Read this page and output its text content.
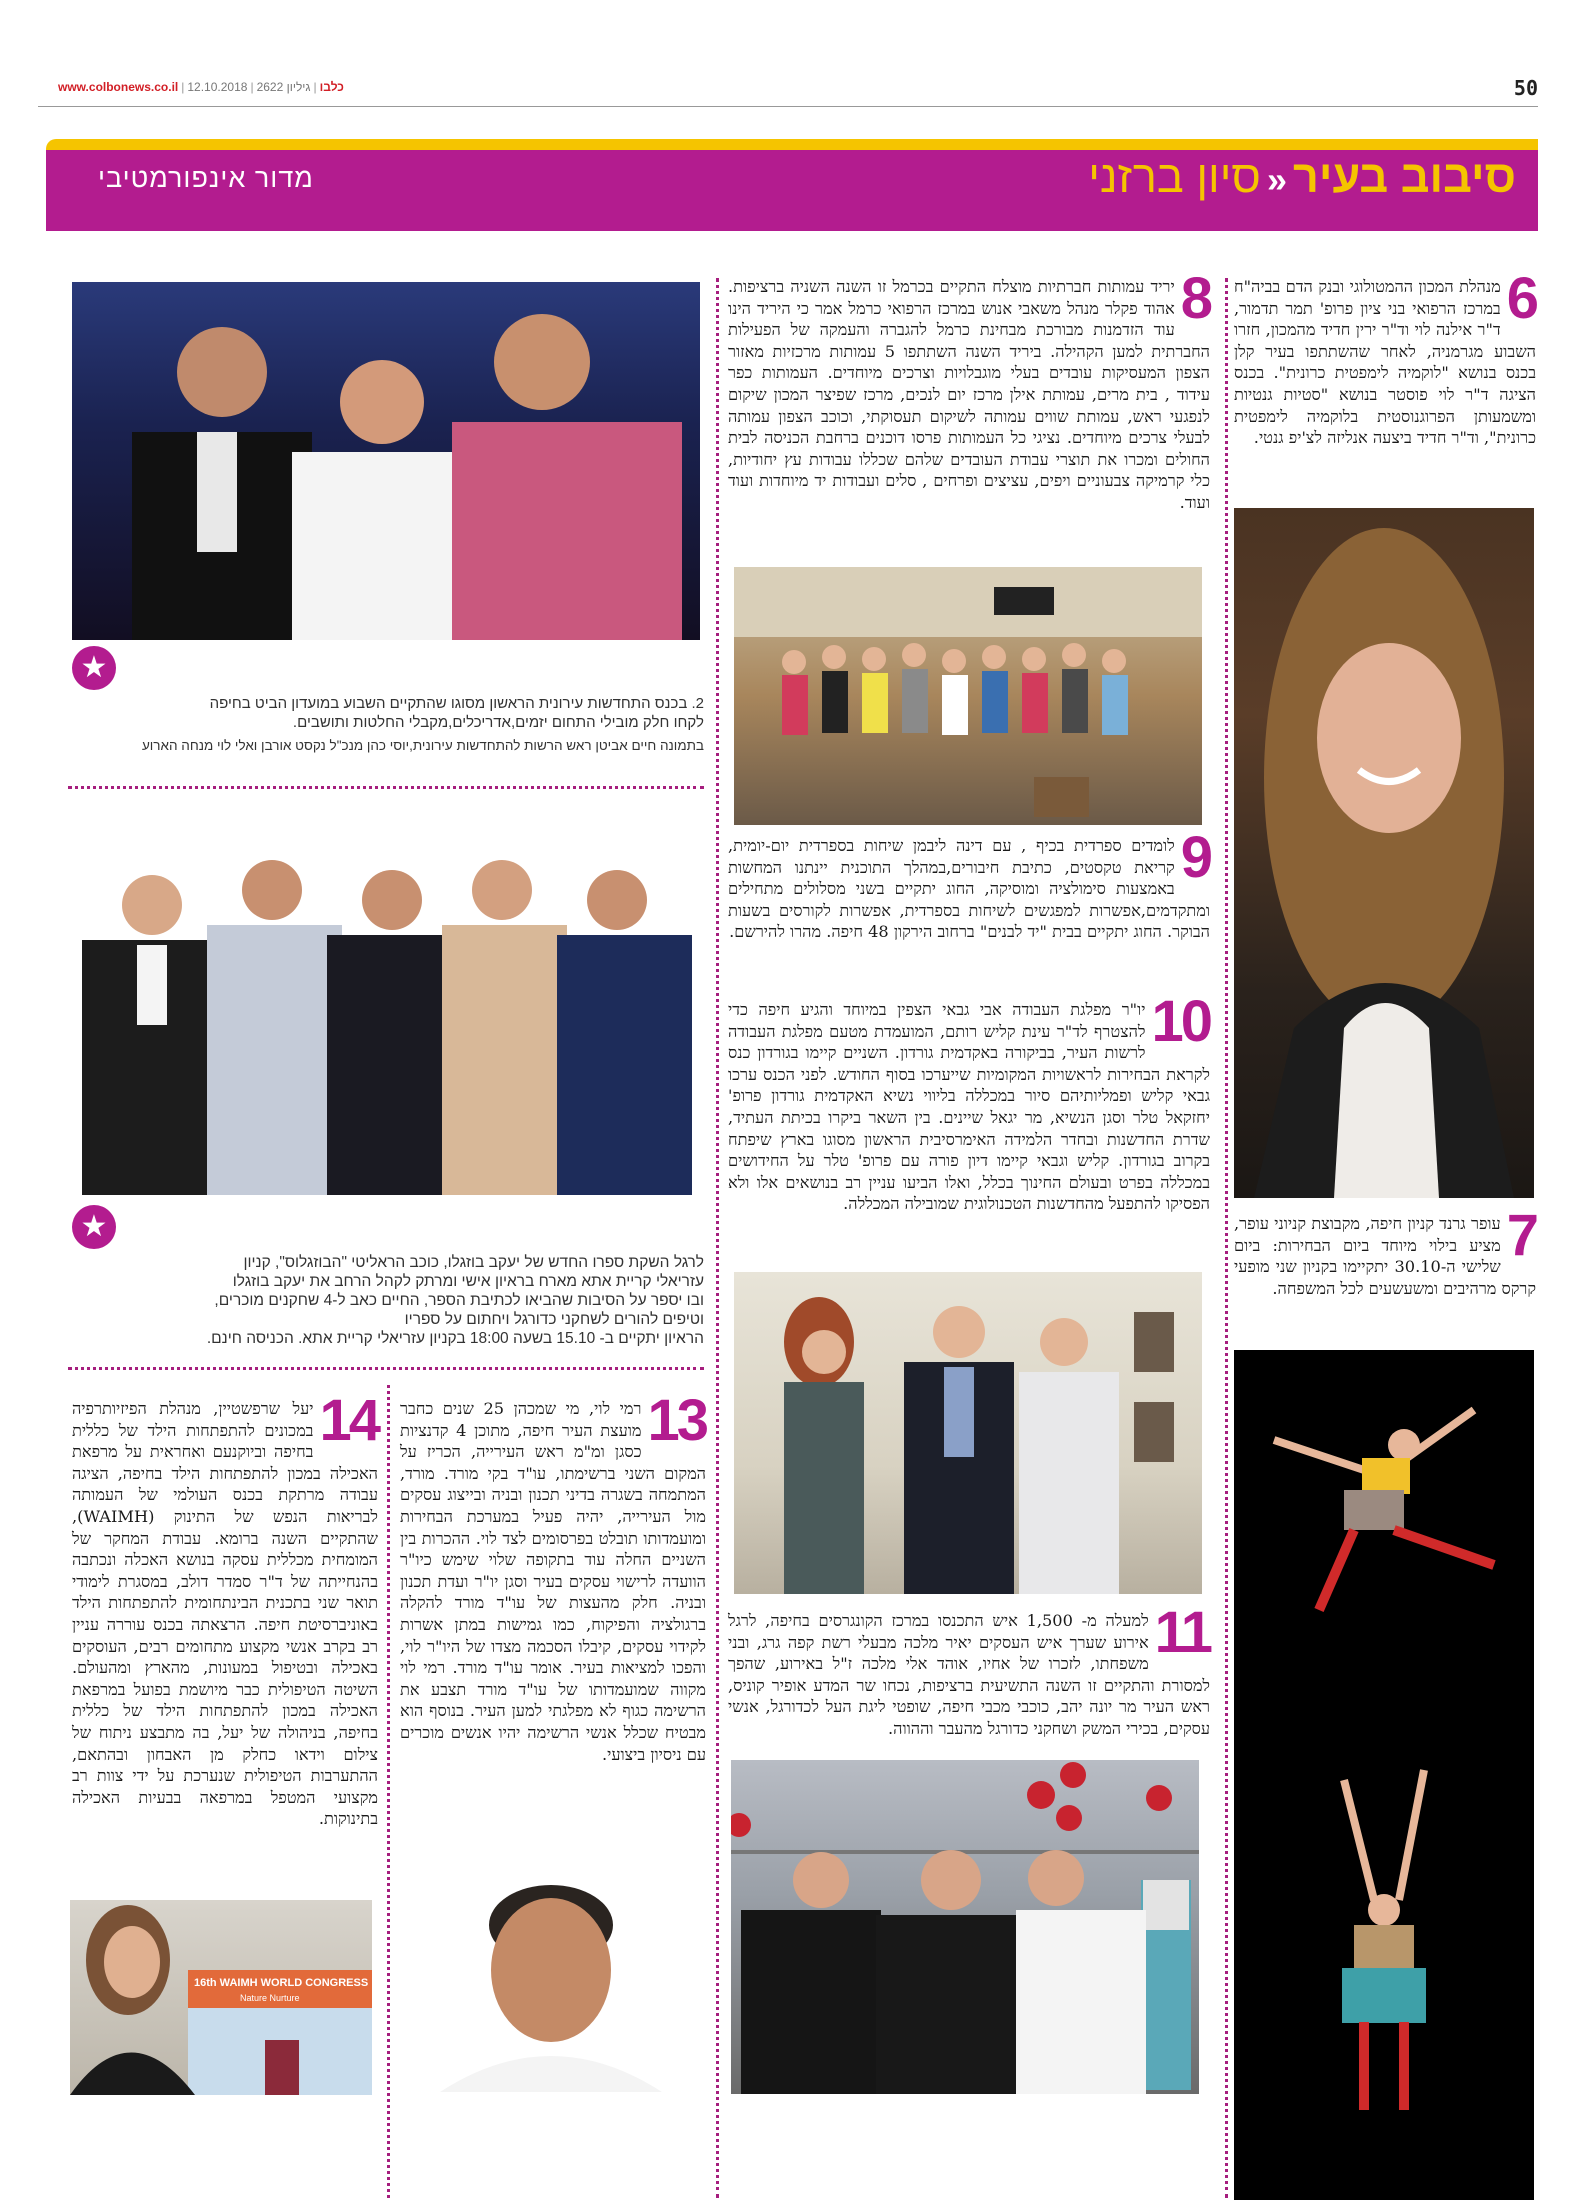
www.colbonews.co.il |	כלבו|גיליון 2622|12.10.2018	50
מדור אינפורמטיבי	סיבוב בעיר«סיון ברזני
6
מנהלת המכון ההמטולוגי ובנק הדם בביה"ח במרכז הרפואי בני ציון פרופ' תמר תדמור, ד"ר אילנה לוי וד"ר ירין חדיד מהמכון, חזרו השבוע מגרמניה, לאחר שהשתתפו בעיר קלן בכנס בנושא "לוקמיה לימפטית כרונית". בכנס הציגה ד"ר לוי פוסטר בנושא "סטיות גנטיות ומשמעותן הפרוגנוסטית בלוקמיה לימפטית כרונית", וד"ר חדיד ביצעה אנליזה לצ'יפ גנטי.
7
עופר גרנד קניון חיפה, מקבוצת קניוני עופר, מציע בילוי מיוחד ביום הבחירות: ביום שלישי ה-30.10 יתקיימו בקניון שני מופעי קרקס מרהיבים ומשעשעים לכל המשפחה.
8
יריד עמותות חברתיות מוצלח התקיים בכרמל זו השנה השניה ברציפות. אהוד פקלר מנהל משאבי אנוש במרכז הרפואי כרמל אמר כי היריד הינו עוד הזדמנות מבורכת מבחינת כרמל להגברה והעמקה של הפעילות החברתית למען הקהילה. ביריד השנה השתתפו 5 עמותות מרכזיות מאזור הצפון המעסיקות עובדים בעלי מוגבלויות וצרכים מיוחדים. העמותות כפר עידוד , בית מרים, עמותת אילן מרכז יום לנכים, מרכז שפיצר המכון שיקום לנפגעי ראש, עמותת שווים עמותה לשיקום תעסוקתי, וכוכב הצפון עמותה לבעלי צרכים מיוחדים. נציגי כל העמותות פרסו דוכנים ברחבת הכניסה לבית החולים ומכרו את תוצרי עבודת העובדים שלהם שכללו עבודות עץ יחודיות, כלי קרמיקה צבעוניים ויפים, עציצים ופרחים , סלים ועבודות יד מיוחדות ועוד ועוד.
9
לומדים ספרדית בכיף , עם דינה ליבמן שיחות בספרדית יום-יומית, קריאת טקסטים, כתיבת חיבורים,במהלך התוכנית יינתנו המחשות באמצעות סימולציה ומוסיקה, החוג יתקיים בשני מסלולים מתחילים ומתקדמים,אפשרות למפגשים לשיחות בספרדית, אפשרות לקורסים בשעות הבוקר. החוג יתקיים בבית "יד לבנים" ברחוב הירקון 48 חיפה. מהרו להירשם.
10
יו"ר מפלגת העבודה אבי גבאי הצפין במיוחד והגיע חיפה כדי להצטרף לד"ר עינת קליש רותם, המועמדת מטעם מפלגת העבודה לרשות העיר, בביקורה באקדמית גורדון. השניים קיימו בגורדון כנס לקראת הבחירות לראשויות המקומיות שייערכו בסוף החודש. לפני הכנס ערכו גבאי קליש ופמליותיהם סיור במכללה בליווי נשיא האקדמית גורדון פרופ' יחזקאל טלר וסגן הנשיא, מר יגאל שיינים. בין השאר ביקרו בכיתת העתיד, שדרת החדשנות ובחדר הלמידה האימרסיבית הראשון מסוגו בארץ שיפתח בקרוב בגורדון. קליש וגבאי קיימו דיון פורה עם פרופ' טלר על החידושים במכללה בפרט ובעולם החינוך בכלל, ואלו הביעו עניין רב בנושאים אלו ולא הפסיקו להתפעל מהחדשנות הטכנולוגית שמובילה המכללה.
11
למעלה מ- 1,500 איש התכנסו במרכז הקונגרסים בחיפה, לרגל אירוע שערך איש העסקים יאיר מלכה מבעלי רשת קפה גרג, ובני משפחתו, לזכרו של אחיו, אוהד אלי מלכה ז"ל באירוע, שהפך למסורת והתקיים זו השנה התשיעית ברציפות, נכחו שר המדע אופיר קוניס, ראש העיר מר יונה יהב, כוכבי מכבי חיפה, שופטי ליגת העל לכדורגל, אנשי עסקים, בכירי המשק ושחקני כדורגל מהעבר וההווה.
★
2. בכנס התחדשות עירונית הראשון מסוגו שהתקיים השבוע במועדון הביט בחיפה
לקחו חלק מובילי התחום יזמים,אדריכלים,מקבלי החלטות ותושבים.
בתמונה חיים אביטן ראש הרשות להתחדשות עירונית,יוסי כהן מנכ"ל נקסט אורבן ואלי לוי מנחה הארוע
★
לרגל השקת ספרו החדש של יעקב בוזגלו, כוכב הראליטי "הבוזגלוס", קניון
עזריאלי קריית אתא מארח בראיון אישי ומרתק לקהל הרחב את יעקב בוזגלו
ובו יספר על הסיבות שהביאו לכתיבת הספר, החיים כאב ל-4 שחקנים מוכרים,
וטיפים להורים לשחקני כדורגל ויחתום על ספריו
הראיון יתקיים ב- 15.10 בשעה 18:00 בקניון עזריאלי קריית אתא. הכניסה חינם.
13
רמי לוי, מי שמכהן 25 שנים כחבר מועצת העיר חיפה, מתוכן 4 קדנציות כסגן ומ"מ ראש העירייה, הכריז על המקום השני ברשימתו, עו"ד בקי מורד. מורד, המתמחה בשגרה בדיני תכנון ובניה ובייצוג עסקים מול העירייה, יהיה פעיל במערכת הבחירות ומועמדותו תובלט בפרסומים לצד לוי. ההכרות בין השניים החלה עוד בתקופה שלוי שימש כיו"ר הוועדה לרישוי עסקים בעיר וסגן יו"ר ועדת תכנון ובניה. חלק מהעצות של עו"ד מורד להקלה ברגולציה והפיקוח, כמו גמישות במתן אשרות לקידוי עסקים, קיבלו הסכמה מצדו של היו"ר לוי, והפכו למציאות בעיר. אומר עו"ד מורד. רמי לוי מקווה שמועמדותו של עו"ד מורד תצבע את הרשימה כגוף לא מפלגתי למען העיר. בנוסף הוא מבטיח שכלל אנשי הרשימה יהיו אנשים מוכרים עם ניסיון ביצועי.
14
יעל שרפשטיין, מנהלת הפיזיותרפיה במכונים להתפתחות הילד של כללית בחיפה וביוקנעם ואחראית על מרפאת האכילה במכון להתפתחות הילד בחיפה, הציגה עבודה מרתקת בכנס העולמי של העמותה לבריאות הנפש של התינוק (WAIMH), שהתקיים השנה ברומא. עבודת המחקר של המומחית מכללית עסקה בנושא האכלה ונכתבה בהנחייתה של ד"ר סמדר דולב, במסגרת לימודי תואר שני בתכנית הבינתחומית להתפתחות הילד באוניברסיטת חיפה. הרצאתה בכנס עוררה עניין רב בקרב אנשי מקצוע מתחומים רבים, העוסקים באכילה ובטיפול במעונות, מהארץ ומהעולם. השיטה הטיפולית כבר מיושמת בפועל במרפאת האכילה במכון להתפתחות הילד של כללית בחיפה, בניהולה של יעל, בה מתבצע ניתוח של צילום וידאו כחלק מן האבחון ובהתאם, ההתערבות הטיפולית שנערכת על ידי צוות רב מקצועי המטפל במרפאה בבעיות האכילה בתינוקות.
16th WAIMH WORLD CONGRESS
Nature Nurture
